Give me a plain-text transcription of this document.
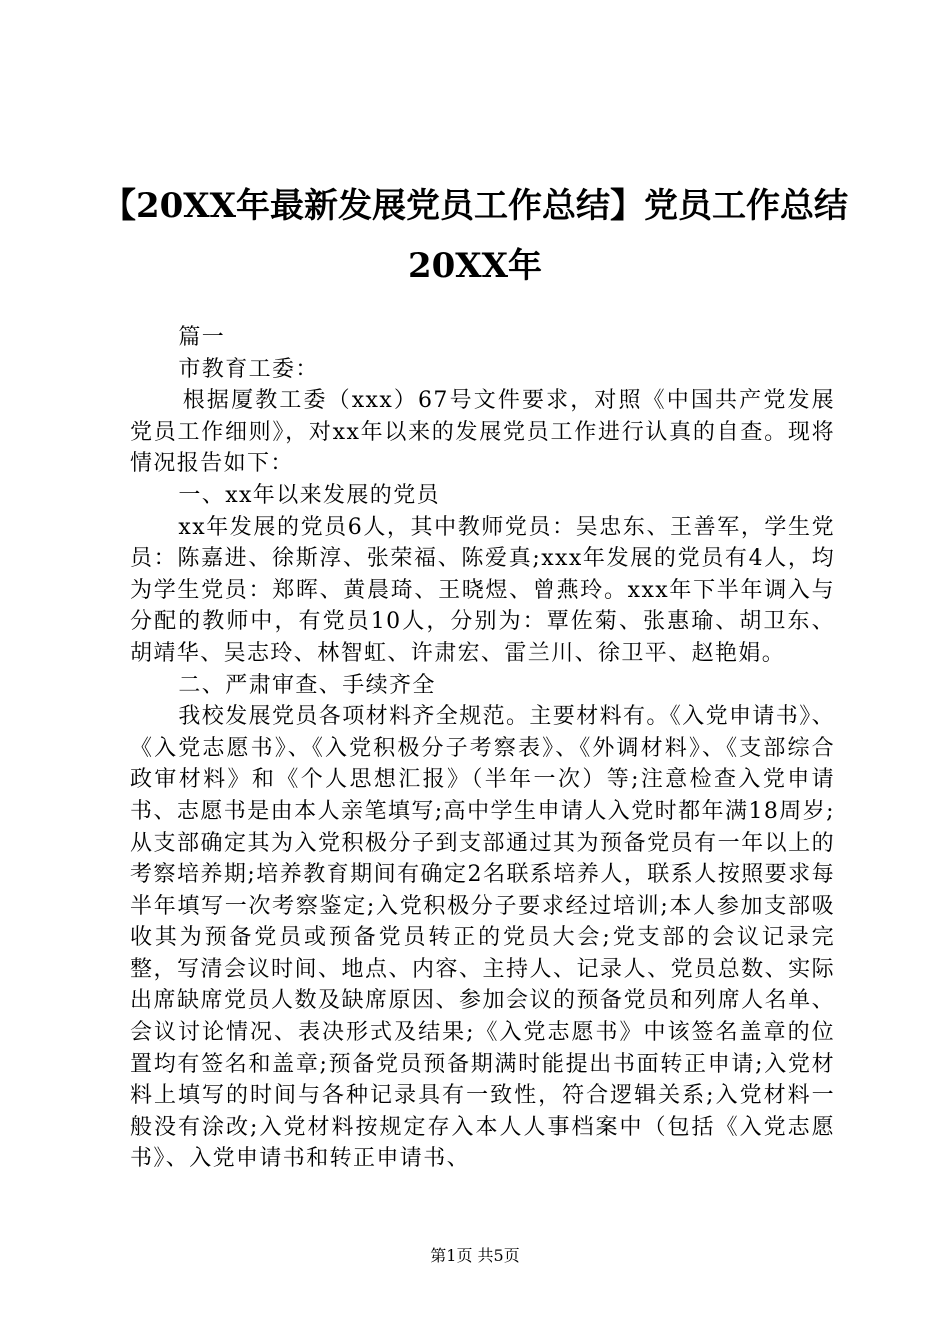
【20XX年最新发展党员工作总结】党员工作总结20XX年

篇一

市教育工委：

根据厦教工委（xxx）67号文件要求，对照《中国共产党发展党员工作细则》，对xx年以来的发展党员工作进行认真的自查。现将情况报告如下：

一、xx年以来发展的党员

xx年发展的党员6人，其中教师党员：吴忠东、王善军，学生党员：陈嘉进、徐斯淳、张荣福、陈爱真;xxx年发展的党员有4人，均为学生党员：郑晖、黄晨琦、王晓煜、曾燕玲。xxx年下半年调入与分配的教师中，有党员10人，分别为：覃佐菊、张惠瑜、胡卫东、胡靖华、吴志玲、林智虹、许肃宏、雷兰川、徐卫平、赵艳娟。

二、严肃审查、手续齐全

我校发展党员各项材料齐全规范。主要材料有。《入党申请书》、《入党志愿书》、《入党积极分子考察表》、《外调材料》、《支部综合政审材料》和《个人思想汇报》（半年一次）等;注意检查入党申请书、志愿书是由本人亲笔填写;高中学生申请人入党时都年满18周岁;从支部确定其为入党积极分子到支部通过其为预备党员有一年以上的考察培养期;培养教育期间有确定2名联系培养人，联系人按照要求每半年填写一次考察鉴定;入党积极分子要求经过培训;本人参加支部吸收其为预备党员或预备党员转正的党员大会;党支部的会议记录完整，写清会议时间、地点、内容、主持人、记录人、党员总数、实际出席缺席党员人数及缺席原因、参加会议的预备党员和列席人名单、会议讨论情况、表决形式及结果;《入党志愿书》中该签名盖章的位置均有签名和盖章;预备党员预备期满时能提出书面转正申请;入党材料上填写的时间与各种记录具有一致性，符合逻辑关系;入党材料一般没有涂改;入党材料按规定存入本人人事档案中（包括《入党志愿书》、入党申请书和转正申请书、

第1页 共5页
